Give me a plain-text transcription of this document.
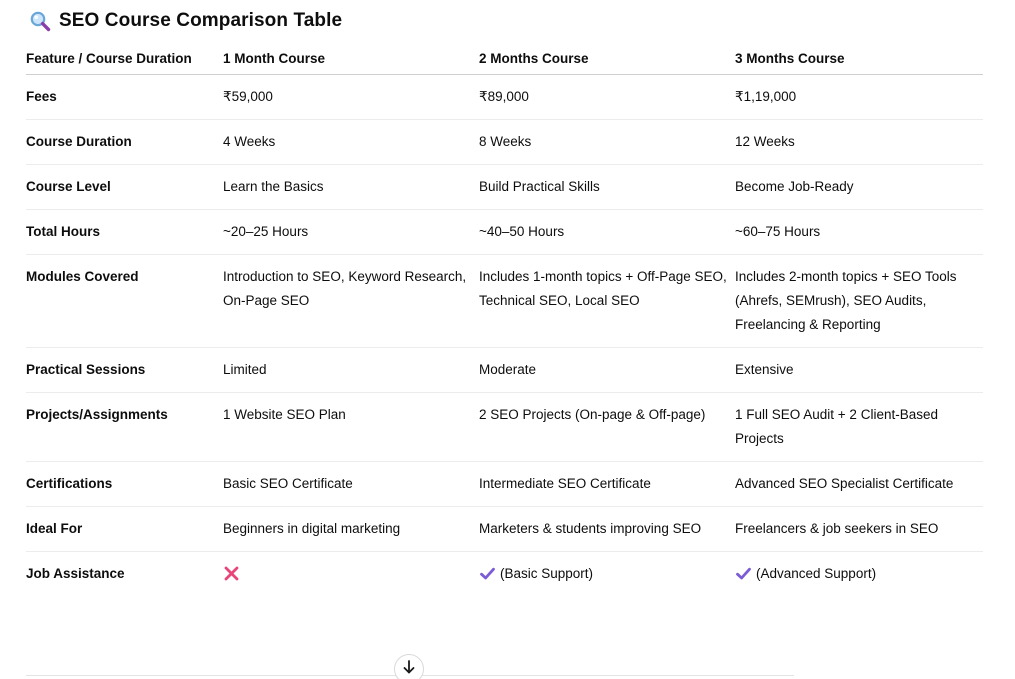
SEO Course Comparison Table
Feature / Course Duration	1 Month Course	2 Months Course	3 Months Course
Fees	₹59,000	₹89,000	₹1,19,000
Course Duration	4 Weeks	8 Weeks	12 Weeks
Course Level	Learn the Basics	Build Practical Skills	Become Job-Ready
Total Hours	~20–25 Hours	~40–50 Hours	~60–75 Hours
Modules Covered	Introduction to SEO, Keyword Research, On-Page SEO	Includes 1-month topics + Off-Page SEO, Technical SEO, Local SEO	Includes 2-month topics + SEO Tools (Ahrefs, SEMrush), SEO Audits, Freelancing & Reporting
Practical Sessions	Limited	Moderate	Extensive
Projects/Assignments	1 Website SEO Plan	2 SEO Projects (On-page & Off-page)	1 Full SEO Audit + 2 Client-Based Projects
Certifications	Basic SEO Certificate	Intermediate SEO Certificate	Advanced SEO Specialist Certificate
Ideal For	Beginners in digital marketing	Marketers & students improving SEO	Freelancers & job seekers in SEO
Job Assistance		(Basic Support)	(Advanced Support)
